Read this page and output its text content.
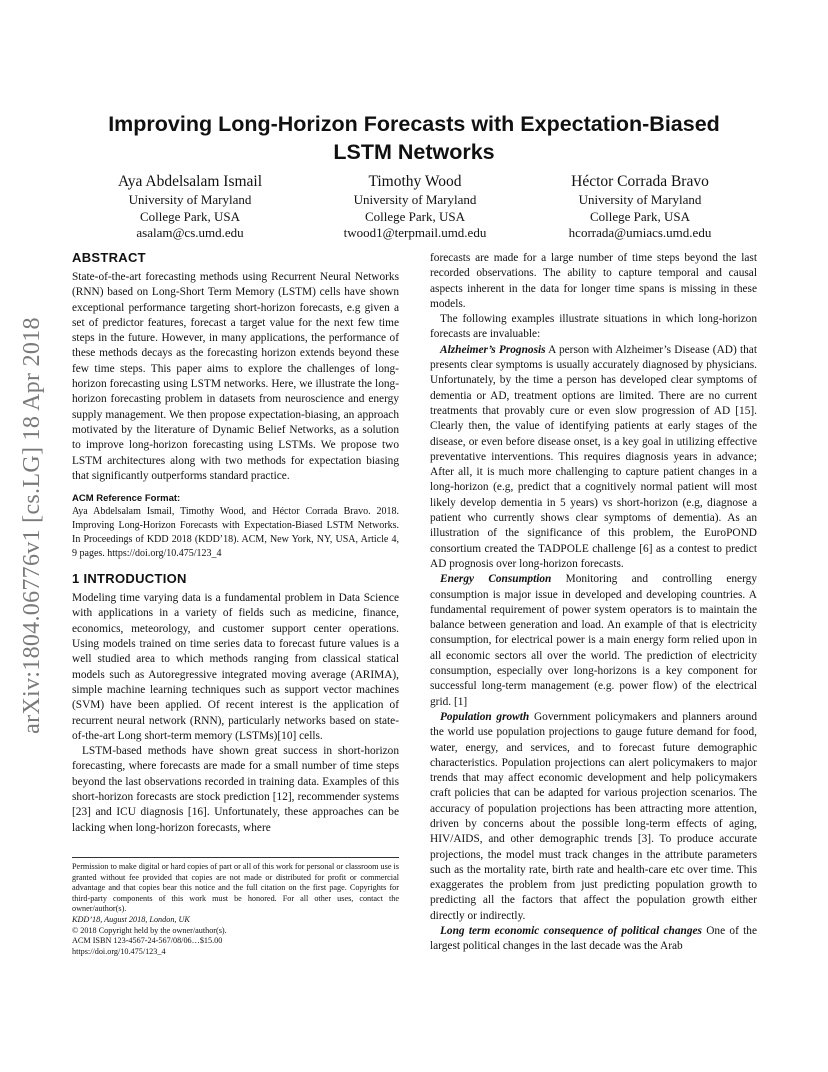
arXiv:1804.06776v1 [cs.LG] 18 Apr 2018
Improving Long-Horizon Forecasts with Expectation-Biased LSTM Networks
Aya Abdelsalam Ismail
University of Maryland
College Park, USA
asalam@cs.umd.edu
Timothy Wood
University of Maryland
College Park, USA
twood1@terpmail.umd.edu
Héctor Corrada Bravo
University of Maryland
College Park, USA
hcorrada@umiacs.umd.edu
ABSTRACT

State-of-the-art forecasting methods using Recurrent Neural Networks (RNN) based on Long-Short Term Memory (LSTM) cells have shown exceptional performance targeting short-horizon forecasts, e.g given a set of predictor features, forecast a target value for the next few time steps in the future. However, in many applications, the performance of these methods decays as the forecasting horizon extends beyond these few time steps. This paper aims to explore the challenges of long-horizon forecasting using LSTM networks. Here, we illustrate the long-horizon forecasting problem in datasets from neuroscience and energy supply management. We then propose expectation-biasing, an approach motivated by the literature of Dynamic Belief Networks, as a solution to improve long-horizon forecasting using LSTMs. We propose two LSTM architectures along with two methods for expectation biasing that significantly outperforms standard practice.

ACM Reference Format:

Aya Abdelsalam Ismail, Timothy Wood, and Héctor Corrada Bravo. 2018. Improving Long-Horizon Forecasts with Expectation-Biased LSTM Networks. In Proceedings of KDD 2018 (KDD’18). ACM, New York, NY, USA, Article 4, 9 pages. https://doi.org/10.475/123_4

1 INTRODUCTION

Modeling time varying data is a fundamental problem in Data Science with applications in a variety of fields such as medicine, finance, economics, meteorology, and customer support center operations. Using models trained on time series data to forecast future values is a well studied area to which methods ranging from classical statical models such as Autoregressive integrated moving average (ARIMA), simple machine learning techniques such as support vector machines (SVM) have been applied. Of recent interest is the application of recurrent neural network (RNN), particularly networks based on state-of-the-art Long short-term memory (LSTMs)[10] cells.

LSTM-based methods have shown great success in short-horizon forecasting, where forecasts are made for a small number of time steps beyond the last observations recorded in training data. Examples of this short-horizon forecasts are stock prediction [12], recommender systems [23] and ICU diagnosis [16]. Unfortunately, these approaches can be lacking when long-horizon forecasts, where

Permission to make digital or hard copies of part or all of this work for personal or classroom use is granted without fee provided that copies are not made or distributed for profit or commercial advantage and that copies bear this notice and the full citation on the first page. Copyrights for third-party components of this work must be honored. For all other uses, contact the owner/author(s).
KDD’18, August 2018, London, UK
© 2018 Copyright held by the owner/author(s).
ACM ISBN 123-4567-24-567/08/06…$15.00
https://doi.org/10.475/123_4

forecasts are made for a large number of time steps beyond the last recorded observations. The ability to capture temporal and causal aspects inherent in the data for longer time spans is missing in these models.

The following examples illustrate situations in which long-horizon forecasts are invaluable:

Alzheimer’s Prognosis A person with Alzheimer’s Disease (AD) that presents clear symptoms is usually accurately diagnosed by physicians. Unfortunately, by the time a person has developed clear symptoms of dementia or AD, treatment options are limited. There are no current treatments that provably cure or even slow progression of AD [15]. Clearly then, the value of identifying patients at early stages of the disease, or even before disease onset, is a key goal in utilizing effective preventative interventions. This requires diagnosis years in advance; After all, it is much more challenging to capture patient changes in a long-horizon (e.g, predict that a cognitively normal patient will most likely develop dementia in 5 years) vs short-horizon (e.g, diagnose a patient who currently shows clear symptoms of dementia). As an illustration of the significance of this problem, the EuroPOND consortium created the TADPOLE challenge [6] as a contest to predict AD prognosis over long-horizon forecasts.

Energy Consumption Monitoring and controlling energy consumption is major issue in developed and developing countries. A fundamental requirement of power system operators is to maintain the balance between generation and load. An example of that is electricity consumption, for electrical power is a main energy form relied upon in all economic sectors all over the world. The prediction of electricity consumption, especially over long-horizons is a key component for successful long-term management (e.g. power flow) of the electrical grid. [1]

Population growth Government policymakers and planners around the world use population projections to gauge future demand for food, water, energy, and services, and to forecast future demographic characteristics. Population projections can alert policymakers to major trends that may affect economic development and help policymakers craft policies that can be adapted for various projection scenarios. The accuracy of population projections has been attracting more attention, driven by concerns about the possible long-term effects of aging, HIV/AIDS, and other demographic trends [3]. To produce accurate projections, the model must track changes in the attribute parameters such as the mortality rate, birth rate and health-care etc over time. This exaggerates the problem from just predicting population growth to predicting all the factors that affect the population growth either directly or indirectly.

Long term economic consequence of political changes One of the largest political changes in the last decade was the Arab
